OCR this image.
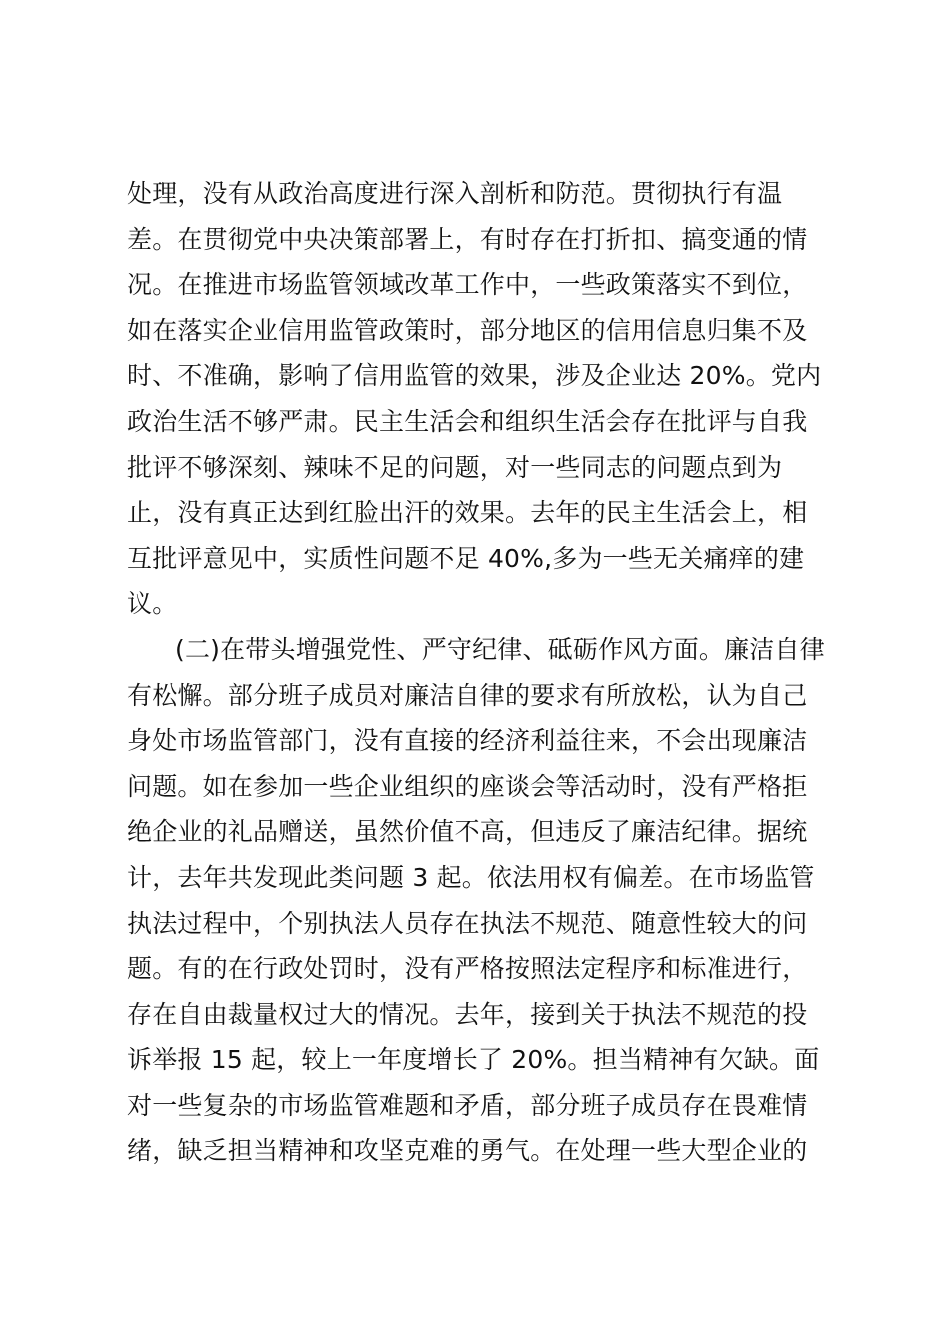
处理，没有从政治高度进行深入剖析和防范。贯彻执行有温
差。在贯彻党中央决策部署上，有时存在打折扣、搞变通的情
况。在推进市场监管领域改革工作中，一些政策落实不到位，
如在落实企业信用监管政策时，部分地区的信用信息归集不及
时、不准确，影响了信用监管的效果，涉及企业达 20%。党内
政治生活不够严肃。民主生活会和组织生活会存在批评与自我
批评不够深刻、辣味不足的问题，对一些同志的问题点到为
止，没有真正达到红脸出汗的效果。去年的民主生活会上，相
互批评意见中，实质性问题不足 40%,多为一些无关痛痒的建
议。
(二)在带头增强党性、严守纪律、砥砺作风方面。廉洁自律
有松懈。部分班子成员对廉洁自律的要求有所放松，认为自己
身处市场监管部门，没有直接的经济利益往来，不会出现廉洁
问题。如在参加一些企业组织的座谈会等活动时，没有严格拒
绝企业的礼品赠送，虽然价值不高，但违反了廉洁纪律。据统
计，去年共发现此类问题 3 起。依法用权有偏差。在市场监管
执法过程中，个别执法人员存在执法不规范、随意性较大的问
题。有的在行政处罚时，没有严格按照法定程序和标准进行，
存在自由裁量权过大的情况。去年，接到关于执法不规范的投
诉举报 15 起，较上一年度增长了 20%。担当精神有欠缺。面
对一些复杂的市场监管难题和矛盾，部分班子成员存在畏难情
绪，缺乏担当精神和攻坚克难的勇气。在处理一些大型企业的
